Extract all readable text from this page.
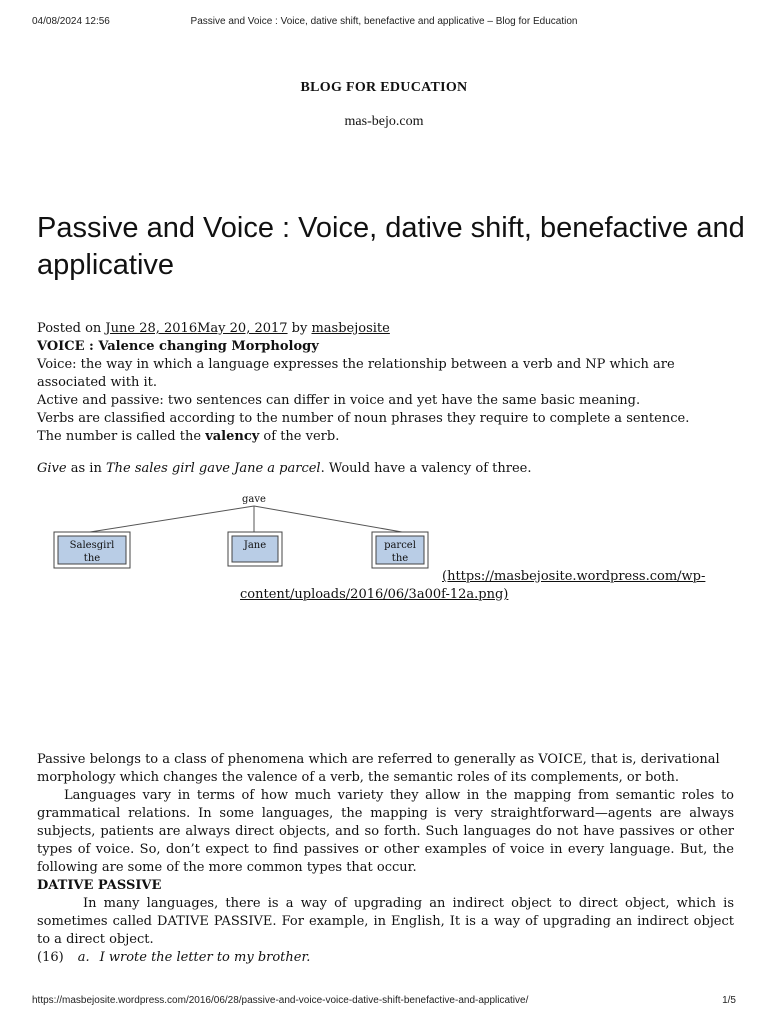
04/08/2024 12:56	Passive and Voice : Voice, dative shift, benefactive and applicative – Blog for Education
BLOG FOR EDUCATION
mas-bejo.com
Passive and Voice : Voice, dative shift, benefactive and applicative

Posted on June 28, 2016May 20, 2017 by masbejosite

VOICE : Valence changing Morphology

Voice: the way in which a language expresses the relationship between a verb and NP which are associated with it.

Active and passive: two sentences can differ in voice and yet have the same basic meaning.

Verbs are classified according to the number of noun phrases they require to complete a sentence.

The number is called the valency of the verb.

Give as in The sales girl gave Jane a parcel. Would have a valency of three.

gave
Salesgirl
the
Jane	parcel
the

(https://masbejosite.wordpress.com/wp-content/uploads/2016/06/3a00f-12a.png)

Passive belongs to a class of phenomena which are referred to generally as VOICE, that is, derivational morphology which changes the valence of a verb, the semantic roles of its complements, or both.

Languages vary in terms of how much variety they allow in the mapping from semantic roles to grammatical relations. In some languages, the mapping is very straightforward—agents are always subjects, patients are always direct objects, and so forth. Such languages do not have passives or other types of voice. So, don’t expect to find passives or other examples of voice in every language. But, the following are some of the more common types that occur.

DATIVE PASSIVE

In many languages, there is a way of upgrading an indirect object to direct object, which is sometimes called DATIVE PASSIVE. For example, in English, It is a way of upgrading an indirect object to a direct object.

(16) a. I wrote the letter to my brother.

https://masbejosite.wordpress.com/2016/06/28/passive-and-voice-voice-dative-shift-benefactive-and-applicative/	1/5
